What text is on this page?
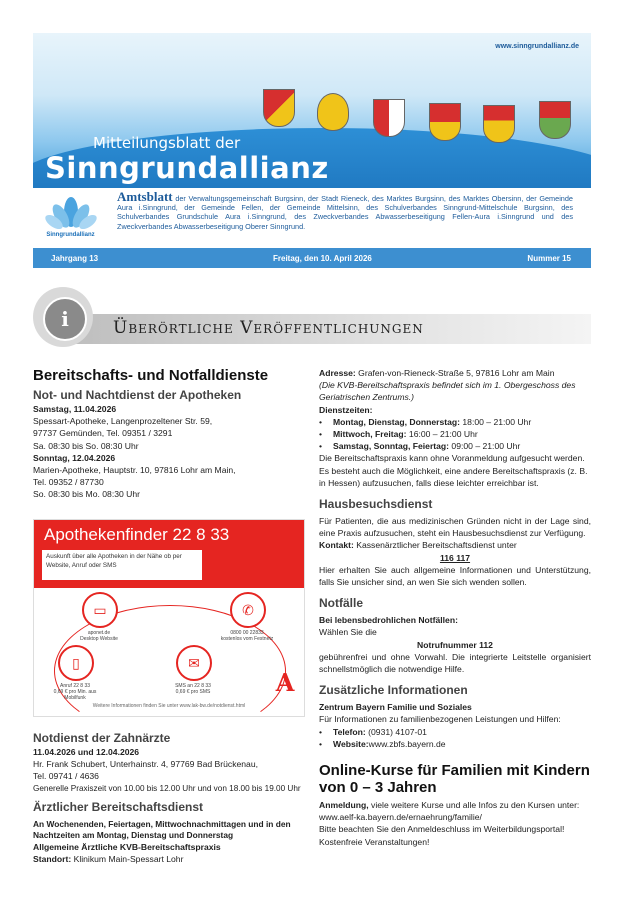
www.sinngrundallianz.de
Mitteilungsblatt der
Sinngrundallianz
Sinngrundallianz
Amtsblatt der Verwaltungsgemeinschaft Burgsinn, der Stadt Rieneck, des Marktes Burgsinn, des Marktes Obersinn, der Gemeinde Aura i.Sinngrund, der Gemeinde Fellen, der Gemeinde Mittelsinn, des Schulverbandes Sinngrund-Mittelschule Burgsinn, des Schulverbandes Grundschule Aura i.Sinngrund, des Zweckverbandes Abwasserbeseitigung Fellen-Aura i.Sinngrund und des Zweckverbandes Abwasserbeseitigung Oberer Sinngrund.
Jahrgang 13	Freitag, den 10. April 2026	Nummer 15
i	Überörtliche Veröffentlichungen

Bereitschafts- und Notfalldienste

Not- und Nachtdienst der Apotheken

Samstag, 11.04.2026

Spessart-Apotheke, Langenprozeltener Str. 59,

97737 Gemünden, Tel. 09351 / 3291

Sa. 08:30 bis So. 08:30 Uhr

Sonntag, 12.04.2026

Marien-Apotheke, Hauptstr. 10, 97816 Lohr am Main,

Tel. 09352 / 87730

So. 08:30 bis Mo. 08:30 Uhr

Apothekenfinder 22 8 33
Auskunft über alle Apotheken in der Nähe ob per Website, Anruf oder SMS
▭
aponet.de
Desktop Website
✆
0800 00 22833
kostenlos vom Festnetz
▯
Anruf 22 8 33
0,69 € pro Min. aus Mobilfunk
✉
SMS an 22 8 33
0,69 € pro SMS	A
Weitere Informationen finden Sie unter www.lak-bw.de/notdienst.html

Notdienst der Zahnärzte

11.04.2026 und 12.04.2026

Hr. Frank Schubert, Unterhainstr. 4, 97769 Bad Brückenau,

Tel. 09741 / 4636

Generelle Praxiszeit von 10.00 bis 12.00 Uhr und von 18.00 bis 19.00 Uhr

Ärztlicher Bereitschaftsdienst

An Wochenenden, Feiertagen, Mittwochnachmittagen und in den Nachtzeiten am Montag, Dienstag und Donnerstag

Allgemeine Ärztliche KVB-Bereitschaftspraxis

Standort: Klinikum Main-Spessart Lohr

Adresse: Grafen-von-Rieneck-Straße 5, 97816 Lohr am Main

(Die KVB-Bereitschaftspraxis befindet sich im 1. Obergeschoss des Geriatrischen Zentrums.)

Dienstzeiten:

• Montag, Dienstag, Donnerstag: 18:00 – 21:00 Uhr

• Mittwoch, Freitag: 16:00 – 21:00 Uhr

• Samstag, Sonntag, Feiertag: 09:00 – 21:00 Uhr

Die Bereitschaftspraxis kann ohne Voranmeldung aufgesucht werden.

Es besteht auch die Möglichkeit, eine andere Bereitschaftspraxis (z. B. in Hessen) aufzusuchen, falls diese leichter erreichbar ist.

Hausbesuchsdienst

Für Patienten, die aus medizinischen Gründen nicht in der Lage sind, eine Praxis aufzusuchen, steht ein Hausbesuchsdienst zur Verfügung.

Kontakt: Kassenärztlicher Bereitschaftsdienst unter

116 117

Hier erhalten Sie auch allgemeine Informationen und Unterstützung, falls Sie unsicher sind, an wen Sie sich wenden sollen.

Notfälle

Bei lebensbedrohlichen Notfällen:

Wählen Sie die

Notrufnummer 112

gebührenfrei und ohne Vorwahl. Die integrierte Leitstelle organisiert schnellstmöglich die notwendige Hilfe.

Zusätzliche Informationen

Zentrum Bayern Familie und Soziales

Für Informationen zu familienbezogenen Leistungen und Hilfen:

• Telefon: (0931) 4107-01

• Website:www.zbfs.bayern.de

Online-Kurse für Familien mit Kindern von 0 – 3 Jahren

Anmeldung, viele weitere Kurse und alle Infos zu den Kursen unter:

www.aelf-ka.bayern.de/ernaehrung/familie/

Bitte beachten Sie den Anmeldeschluss im Weiterbildungsportal!

Kostenfreie Veranstaltungen!
